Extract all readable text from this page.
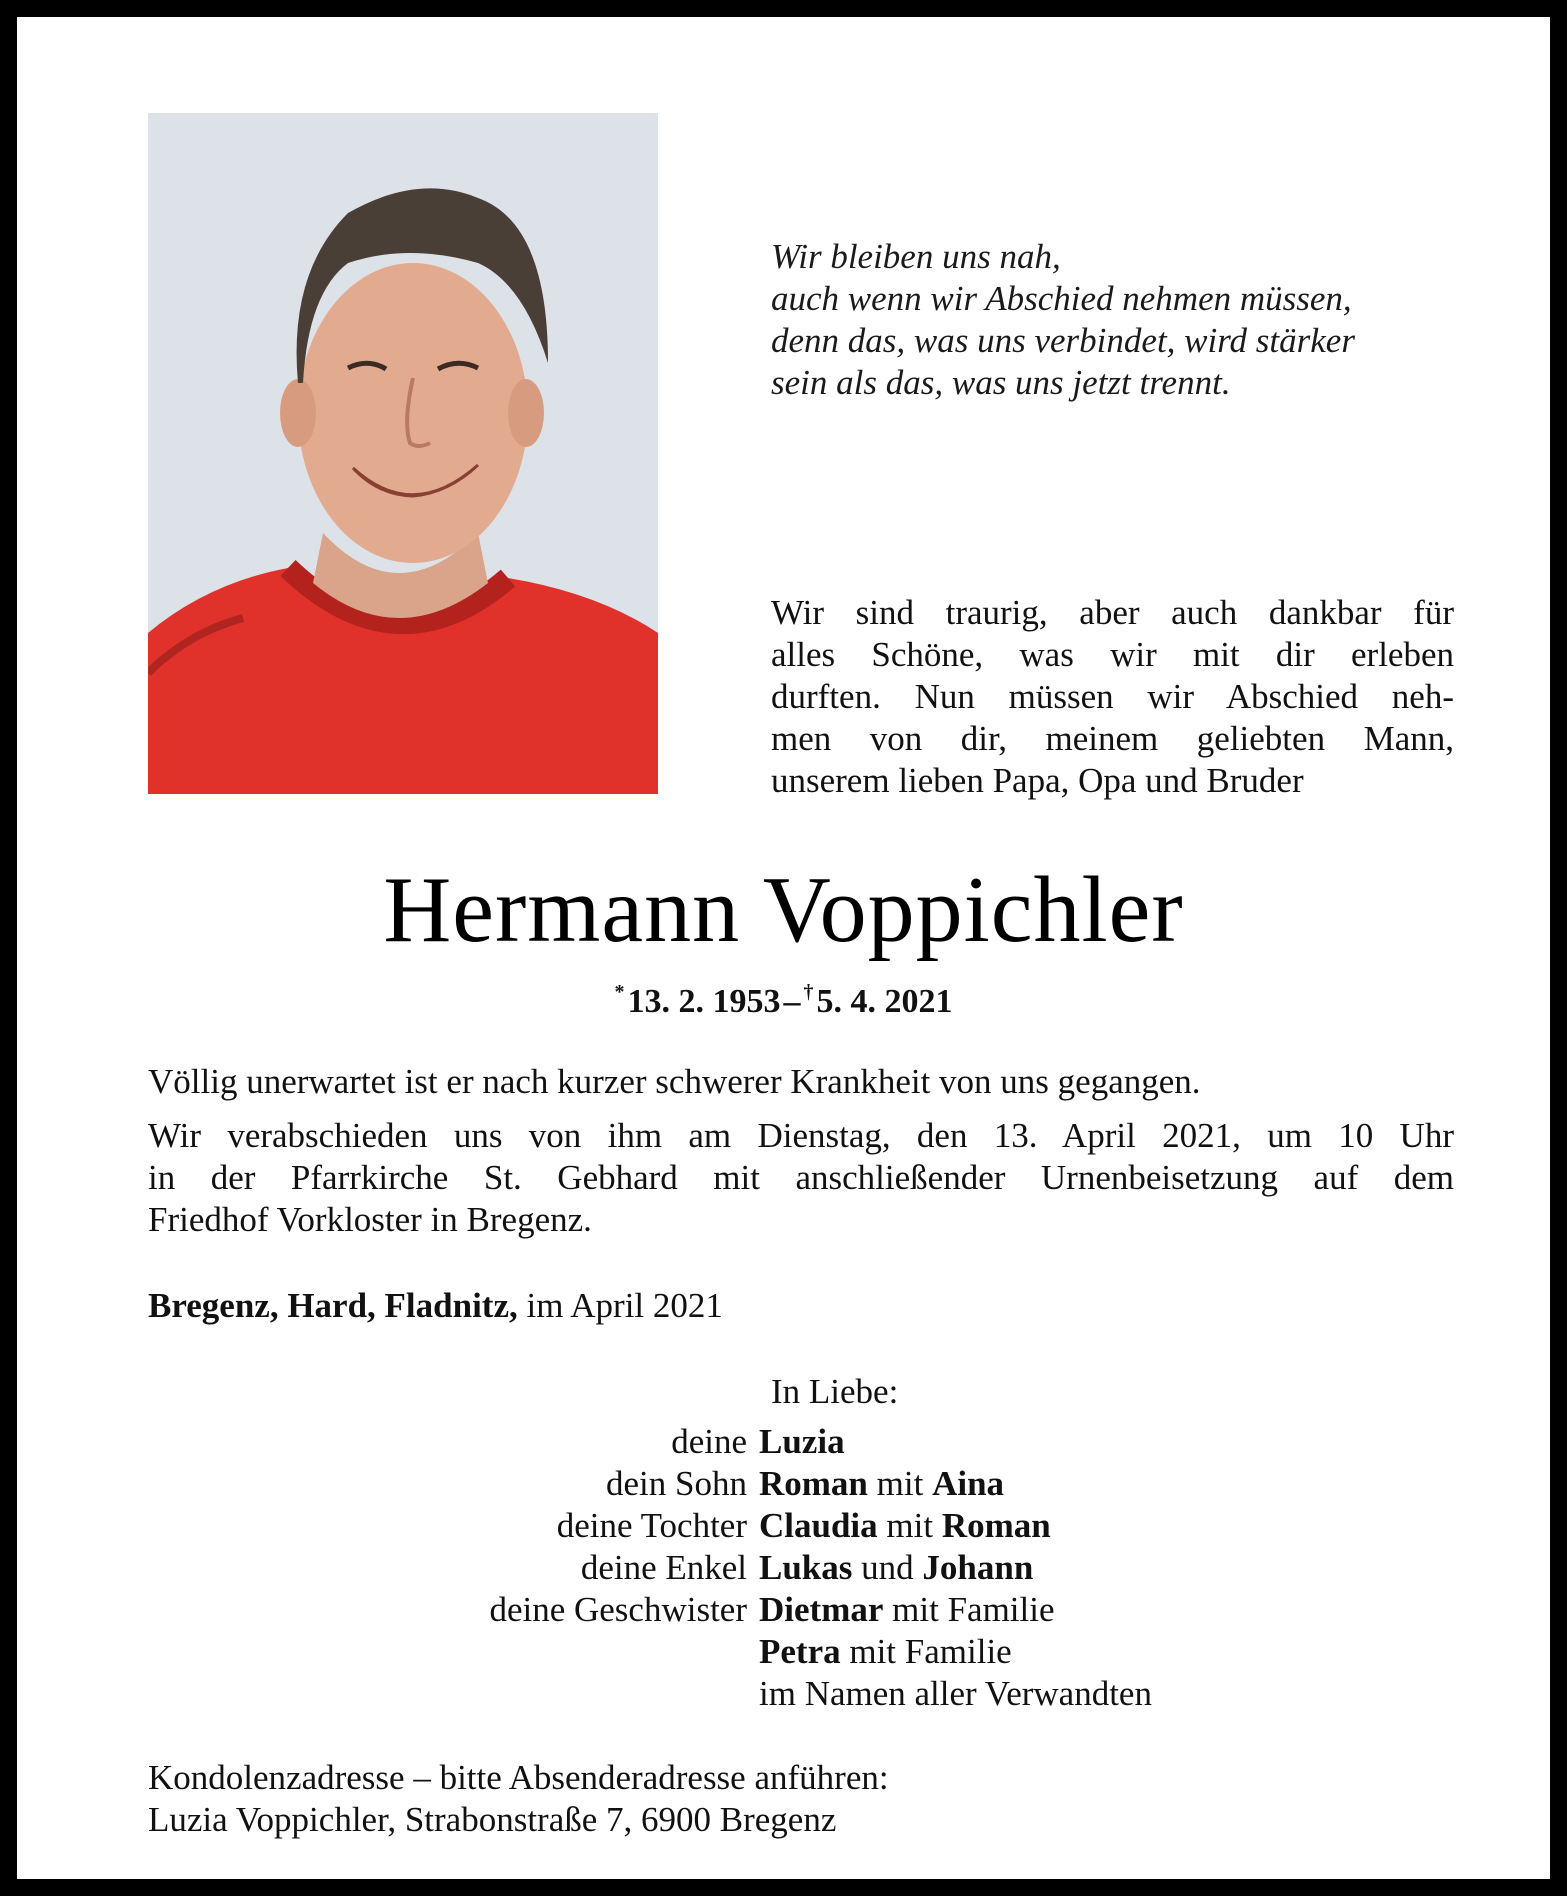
Wir bleiben uns nah,
auch wenn wir Abschied nehmen müssen,
denn das, was uns verbindet, wird stärker
sein als das, was uns jetzt trennt.
Wir sind traurig, aber auch dankbar für
alles Schöne, was wir mit dir erleben
durften. Nun müssen wir Abschied neh-
men von dir, meinem geliebten Mann,
unserem lieben Papa, Opa und Bruder
Hermann Voppichler
*13. 2. 1953– †5. 4. 2021
Völlig unerwartet ist er nach kurzer schwerer Krankheit von uns gegangen.
Wir verabschieden uns von ihm am Dienstag, den 13. April 2021, um 10 Uhr
in der Pfarrkirche St. Gebhard mit anschließender Urnenbeisetzung auf dem
Friedhof Vorkloster in Bregenz.
Bregenz, Hard, Fladnitz, im April 2021
In Liebe:
deine Luzia
dein Sohn Roman mit Aina
deine Tochter Claudia mit Roman
deine Enkel Lukas und Johann
deine Geschwister Dietmar mit Familie
Petra mit Familie
im Namen aller Verwandten
Kondolenzadresse – bitte Absenderadresse anführen:
Luzia Voppichler, Strabonstraße 7, 6900 Bregenz
